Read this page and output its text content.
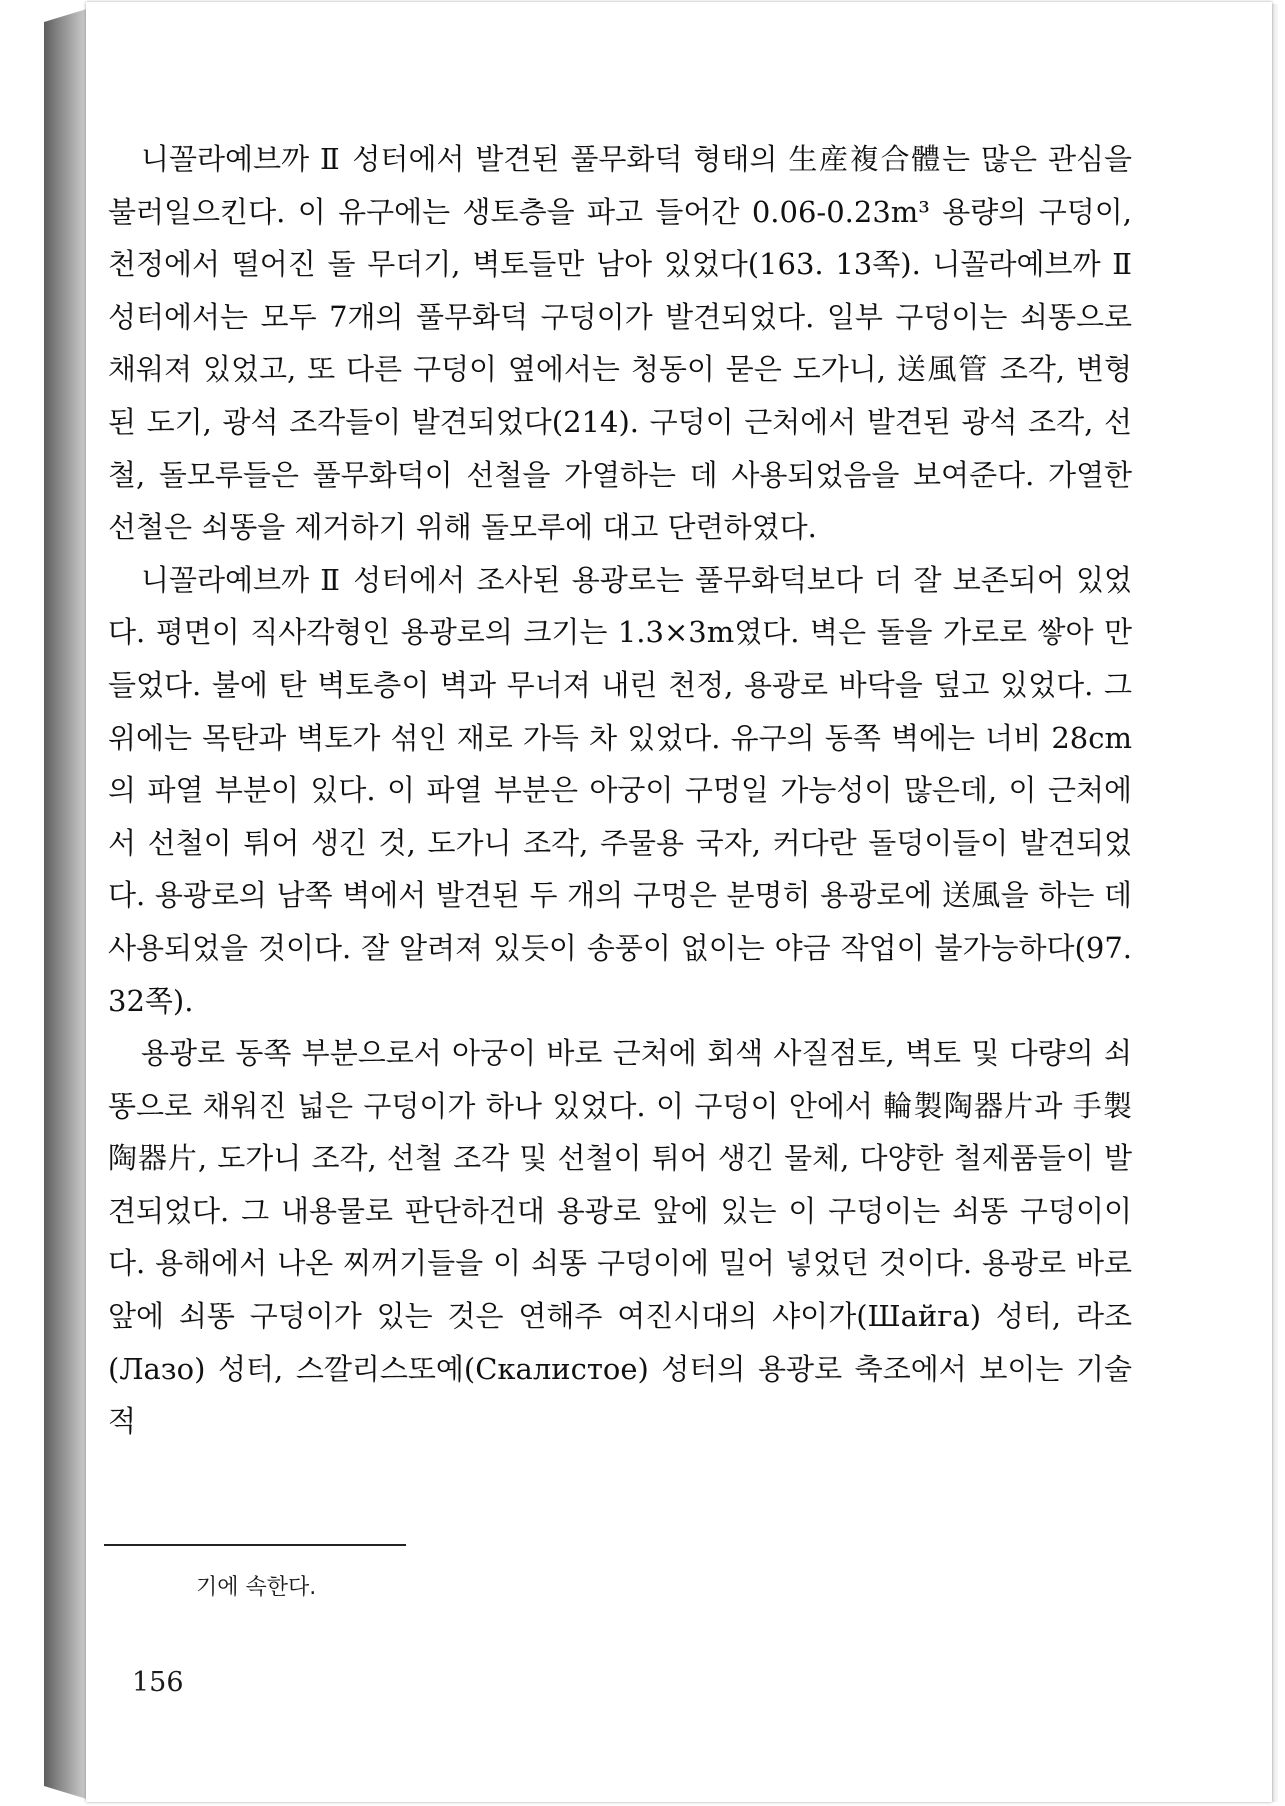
니꼴라예브까 Ⅱ 성터에서 발견된 풀무화덕 형태의 生産複合體는 많은 관심을 불러일으킨다. 이 유구에는 생토층을 파고 들어간 0.06-0.23m³ 용량의 구덩이, 천정에서 떨어진 돌 무더기, 벽토들만 남아 있었다(163. 13쪽). 니꼴라예브까 Ⅱ 성터에서는 모두 7개의 풀무화덕 구덩이가 발견되었다. 일부 구덩이는 쇠똥으로 채워져 있었고, 또 다른 구덩이 옆에서는 청동이 묻은 도가니, 送風管 조각, 변형된 도기, 광석 조각들이 발견되었다(214). 구덩이 근처에서 발견된 광석 조각, 선철, 돌모루들은 풀무화덕이 선철을 가열하는 데 사용되었음을 보여준다. 가열한 선철은 쇠똥을 제거하기 위해 돌모루에 대고 단련하였다.

니꼴라예브까 Ⅱ 성터에서 조사된 용광로는 풀무화덕보다 더 잘 보존되어 있었다. 평면이 직사각형인 용광로의 크기는 1.3×3m였다. 벽은 돌을 가로로 쌓아 만들었다. 불에 탄 벽토층이 벽과 무너져 내린 천정, 용광로 바닥을 덮고 있었다. 그 위에는 목탄과 벽토가 섞인 재로 가득 차 있었다. 유구의 동쪽 벽에는 너비 28cm의 파열 부분이 있다. 이 파열 부분은 아궁이 구멍일 가능성이 많은데, 이 근처에서 선철이 튀어 생긴 것, 도가니 조각, 주물용 국자, 커다란 돌덩이들이 발견되었다. 용광로의 남쪽 벽에서 발견된 두 개의 구멍은 분명히 용광로에 送風을 하는 데 사용되었을 것이다. 잘 알려져 있듯이 송풍이 없이는 야금 작업이 불가능하다(97. 32쪽).

용광로 동쪽 부분으로서 아궁이 바로 근처에 회색 사질점토, 벽토 및 다량의 쇠똥으로 채워진 넓은 구덩이가 하나 있었다. 이 구덩이 안에서 輪製陶器片과 手製陶器片, 도가니 조각, 선철 조각 및 선철이 튀어 생긴 물체, 다양한 철제품들이 발견되었다. 그 내용물로 판단하건대 용광로 앞에 있는 이 구덩이는 쇠똥 구덩이이다. 용해에서 나온 찌꺼기들을 이 쇠똥 구덩이에 밀어 넣었던 것이다. 용광로 바로 앞에 쇠똥 구덩이가 있는 것은 연해주 여진시대의 샤이가(Шайга) 성터, 라조(Лазо) 성터, 스깔리스또예(Скалистое) 성터의 용광로 축조에서 보이는 기술적

기에 속한다.
156
